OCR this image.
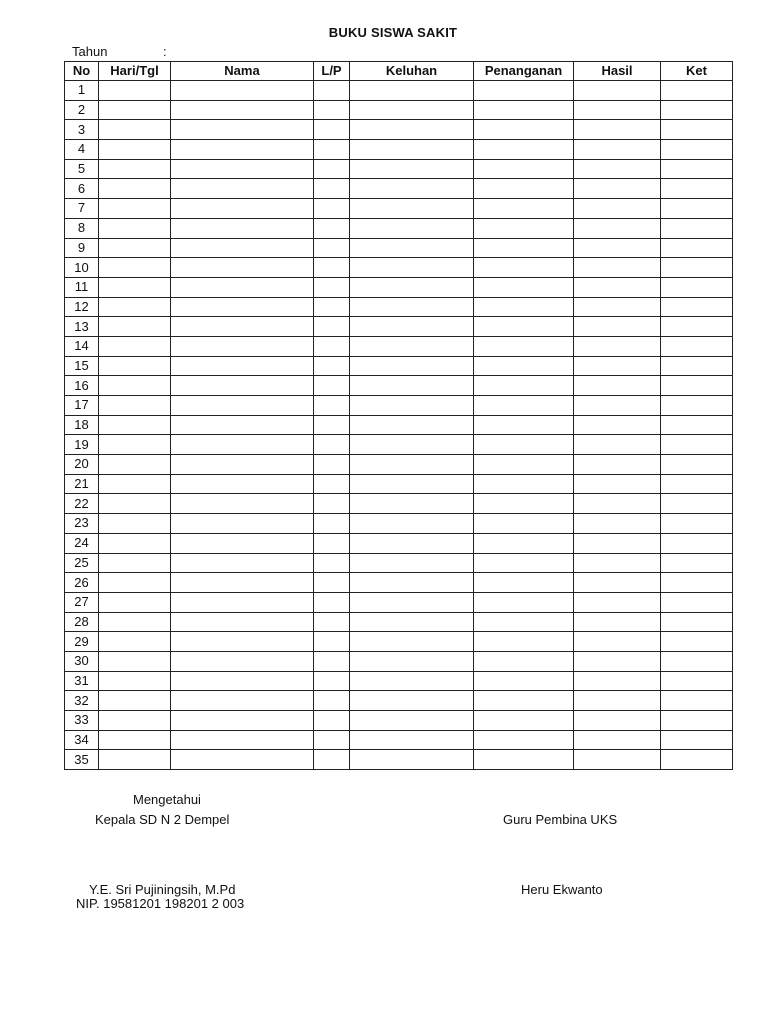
BUKU SISWA SAKIT
Tahun	:
No	Hari/Tgl	Nama	L/P	Keluhan	Penanganan	Hasil	Ket
1							
2							
3							
4							
5							
6							
7							
8							
9							
10							
11							
12							
13							
14							
15							
16							
17							
18							
19							
20							
21							
22							
23							
24							
25							
26							
27							
28							
29							
30							
31							
32							
33							
34							
35							
Mengetahui
Kepala SD N 2 Dempel	Guru Pembina UKS
Y.E. Sri Pujiningsih, M.Pd	Heru Ekwanto
NIP. 19581201 198201 2 003
